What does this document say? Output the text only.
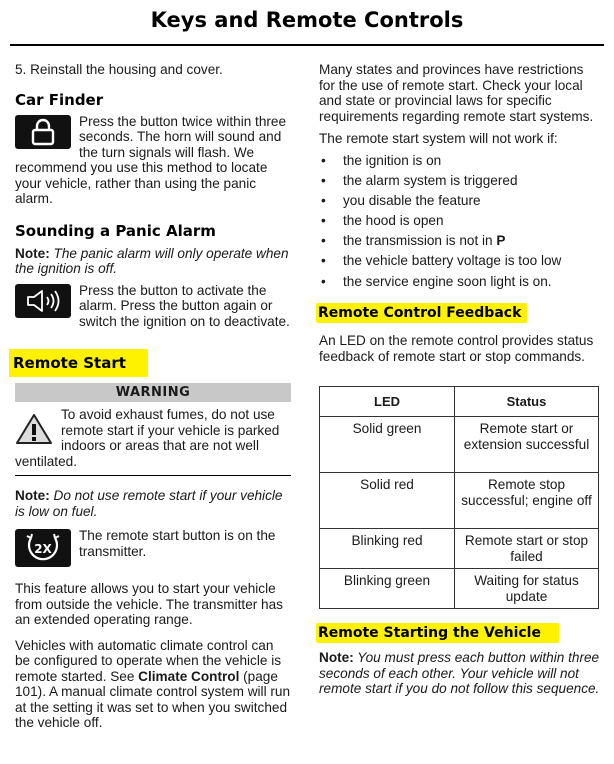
Keys and Remote Controls

5. Reinstall the housing and cover.

Car Finder
Press the button twice within three seconds. The horn will sound and the turn signals will flash. We recommend you use this method to locate your vehicle, rather than using the panic alarm.
Sounding a Panic Alarm

Note: The panic alarm will only operate when the ignition is off.

Press the button to activate the alarm. Press the button again or switch the ignition on to deactivate.
Remote Start
WARNING
To avoid exhaust fumes, do not use remote start if your vehicle is parked indoors or areas that are not well ventilated.

Note: Do not use remote start if your vehicle is low on fuel.

2X
The remote start button is on the transmitter.

This feature allows you to start your vehicle from outside the vehicle. The transmitter has an extended operating range.

Vehicles with automatic climate control can be configured to operate when the vehicle is remote started. See Climate Control (page 101). A manual climate control system will run at the setting it was set to when you switched the vehicle off.

Many states and provinces have restrictions for the use of remote start. Check your local and state or provincial laws for specific requirements regarding remote start systems.

The remote start system will not work if:

• the ignition is on
• the alarm system is triggered
• you disable the feature
• the hood is open
• the transmission is not in P
• the vehicle battery voltage is too low
• the service engine soon light is on.
Remote Control Feedback

An LED on the remote control provides status feedback of remote start or stop commands.

LED	Status
Solid green	Remote start or extension successful
Solid red	Remote stop successful; engine off
Blinking red	Remote start or stop failed
Blinking green	Waiting for status update
Remote Starting the Vehicle

Note: You must press each button within three seconds of each other. Your vehicle will not remote start if you do not follow this sequence.
